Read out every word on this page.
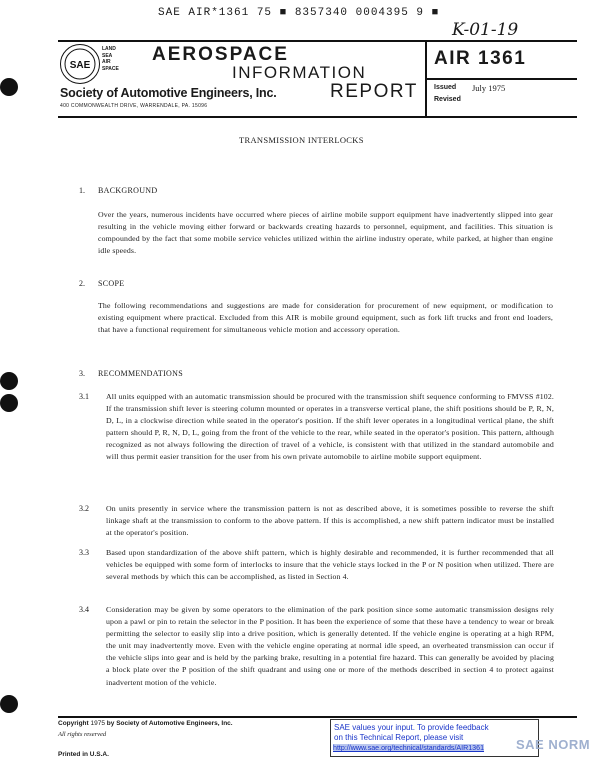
SAE AIR*1361 75 ■ 8357340 0004395 9 ■
K-01-19
SAE
LAND
SEA
AIR
SPACE
AEROSPACE
INFORMATION
REPORT
Society of Automotive Engineers, Inc.
400 COMMONWEALTH DRIVE, WARRENDALE, PA. 15096
AIR 1361
Issued July 1975
Revised
TRANSMISSION INTERLOCKS
1. BACKGROUND
Over the years, numerous incidents have occurred where pieces of airline mobile support equipment have inadvertently slipped into gear resulting in the vehicle moving either forward or backwards creating hazards to personnel, equipment, and facilities. This situation is compounded by the fact that some mobile service vehicles utilized within the airline industry operate, while parked, at higher than engine idle speeds.
2. SCOPE
The following recommendations and suggestions are made for consideration for procurement of new equipment, or modification to existing equipment where practical. Excluded from this AIR is mobile ground equipment, such as fork lift trucks and front end loaders, that have a functional requirement for simultaneous vehicle motion and accessory operation.
3. RECOMMENDATIONS
3.1 All units equipped with an automatic transmission should be procured with the transmission shift sequence conforming to FMVSS #102. If the transmission shift lever is steering column mounted or operates in a transverse vertical plane, the shift positions should be P, R, N, D, L, in a clockwise direction while seated in the operator's position. If the shift lever operates in a longitudinal vertical plane, the shift pattern should P, R, N, D, L, going from the front of the vehicle to the rear, while seated in the operator's position. This pattern, although recognized as not always following the direction of travel of a vehicle, is consistent with that utilized in the standard automobile and will thus permit easier transition for the user from his own private automobile to airline mobile support equipment.
3.2 On units presently in service where the transmission pattern is not as described above, it is sometimes possible to reverse the shift linkage shaft at the transmission to conform to the above pattern. If this is accomplished, a new shift pattern indicator must be installed at the operator's position.
3.3 Based upon standardization of the above shift pattern, which is highly desirable and recommended, it is further recommended that all vehicles be equipped with some form of interlocks to insure that the vehicle stays locked in the P or N position when utilized. There are several methods by which this can be accomplished, as listed in Section 4.
3.4 Consideration may be given by some operators to the elimination of the park position since some automatic transmission designs rely upon a pawl or pin to retain the selector in the P position. It has been the experience of some that these have a tendency to wear or break permitting the selector to easily slip into a drive position, which is generally detented. If the vehicle engine is operating at a high RPM, the unit may inadvertently move. Even with the vehicle engine operating at normal idle speed, an overheated transmission can occur if the vehicle slips into gear and is held by the parking brake, resulting in a potential fire hazard. This can generally be avoided by placing a block plate over the P position of the shift quadrant and using one or more of the methods described in section 4 to protect against inadvertent motion of the vehicle.
Copyright 1975 by Society of Automotive Engineers, Inc.
All rights reserved
Printed in U.S.A.
SAE values your input. To provide feedback
on this Technical Report, please visit
http://www.sae.org/technical/standards/AIR1361 SAE NORM
